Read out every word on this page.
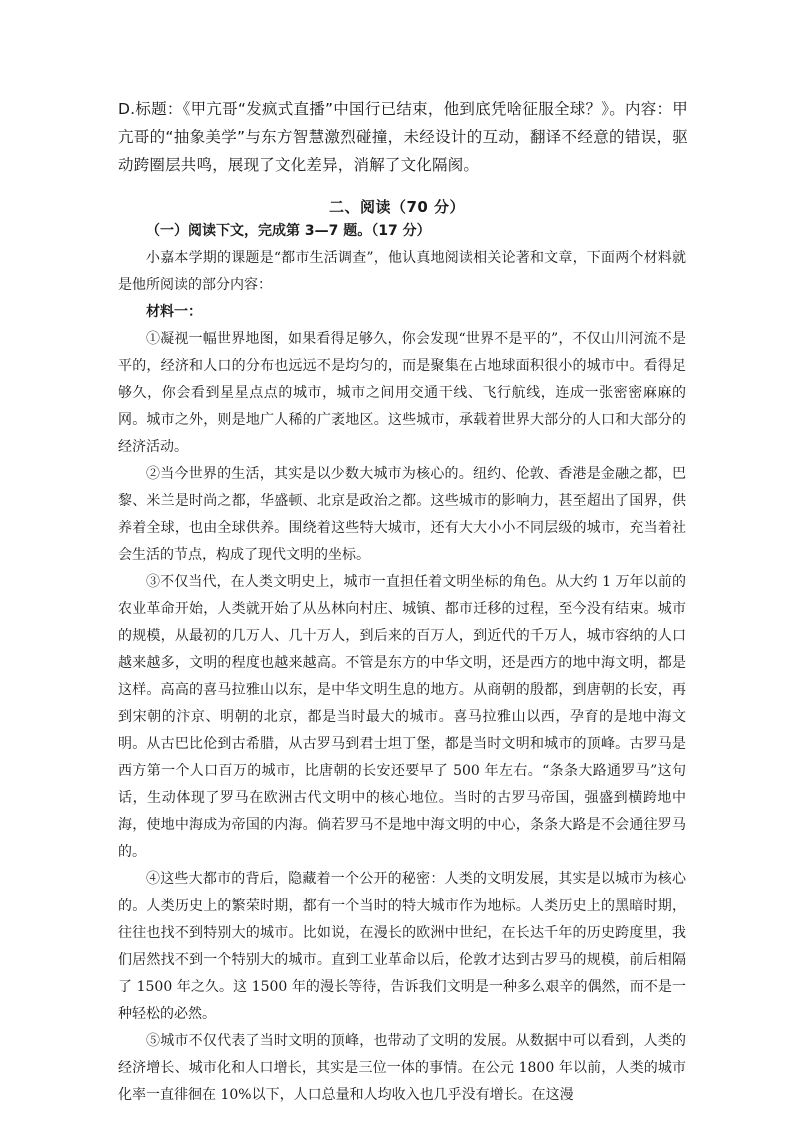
D.标题：《甲亢哥“发疯式直播”中国行已结束，他到底凭啥征服全球？》。内容：甲亢哥的“抽象美学”与东方智慧激烈碰撞，未经设计的互动，翻译不经意的错误，驱动跨圈层共鸣，展现了文化差异，消解了文化隔阂。
二、阅读（70 分）

（一）阅读下文，完成第 3—7 题。（17 分）

小嘉本学期的课题是“都市生活调查”，他认真地阅读相关论著和文章，下面两个材料就是他所阅读的部分内容：

材料一：

①凝视一幅世界地图，如果看得足够久，你会发现“世界不是平的”，不仅山川河流不是平的，经济和人口的分布也远远不是均匀的，而是聚集在占地球面积很小的城市中。看得足够久，你会看到星星点点的城市，城市之间用交通干线、飞行航线，连成一张密密麻麻的网。城市之外，则是地广人稀的广袤地区。这些城市，承载着世界大部分的人口和大部分的经济活动。

②当今世界的生活，其实是以少数大城市为核心的。纽约、伦敦、香港是金融之都，巴黎、米兰是时尚之都，华盛顿、北京是政治之都。这些城市的影响力，甚至超出了国界，供养着全球，也由全球供养。围绕着这些特大城市，还有大大小小不同层级的城市，充当着社会生活的节点，构成了现代文明的坐标。

③不仅当代，在人类文明史上，城市一直担任着文明坐标的角色。从大约 1 万年以前的农业革命开始，人类就开始了从丛林向村庄、城镇、都市迁移的过程，至今没有结束。城市的规模，从最初的几万人、几十万人，到后来的百万人，到近代的千万人，城市容纳的人口越来越多，文明的程度也越来越高。不管是东方的中华文明，还是西方的地中海文明，都是这样。高高的喜马拉雅山以东，是中华文明生息的地方。从商朝的殷都，到唐朝的长安，再到宋朝的汴京、明朝的北京，都是当时最大的城市。喜马拉雅山以西，孕育的是地中海文明。从古巴比伦到古希腊，从古罗马到君士坦丁堡，都是当时文明和城市的顶峰。古罗马是西方第一个人口百万的城市，比唐朝的长安还要早了 500 年左右。“条条大路通罗马”这句话，生动体现了罗马在欧洲古代文明中的核心地位。当时的古罗马帝国，强盛到横跨地中海，使地中海成为帝国的内海。倘若罗马不是地中海文明的中心，条条大路是不会通往罗马的。

④这些大都市的背后，隐藏着一个公开的秘密：人类的文明发展，其实是以城市为核心的。人类历史上的繁荣时期，都有一个当时的特大城市作为地标。人类历史上的黑暗时期，往往也找不到特别大的城市。比如说，在漫长的欧洲中世纪，在长达千年的历史跨度里，我们居然找不到一个特别大的城市。直到工业革命以后，伦敦才达到古罗马的规模，前后相隔了 1500 年之久。这 1500 年的漫长等待，告诉我们文明是一种多么艰辛的偶然，而不是一种轻松的必然。

⑤城市不仅代表了当时文明的顶峰，也带动了文明的发展。从数据中可以看到，人类的经济增长、城市化和人口增长，其实是三位一体的事情。在公元 1800 年以前，人类的城市化率一直徘徊在 10%以下，人口总量和人均收入也几乎没有增长。在这漫
